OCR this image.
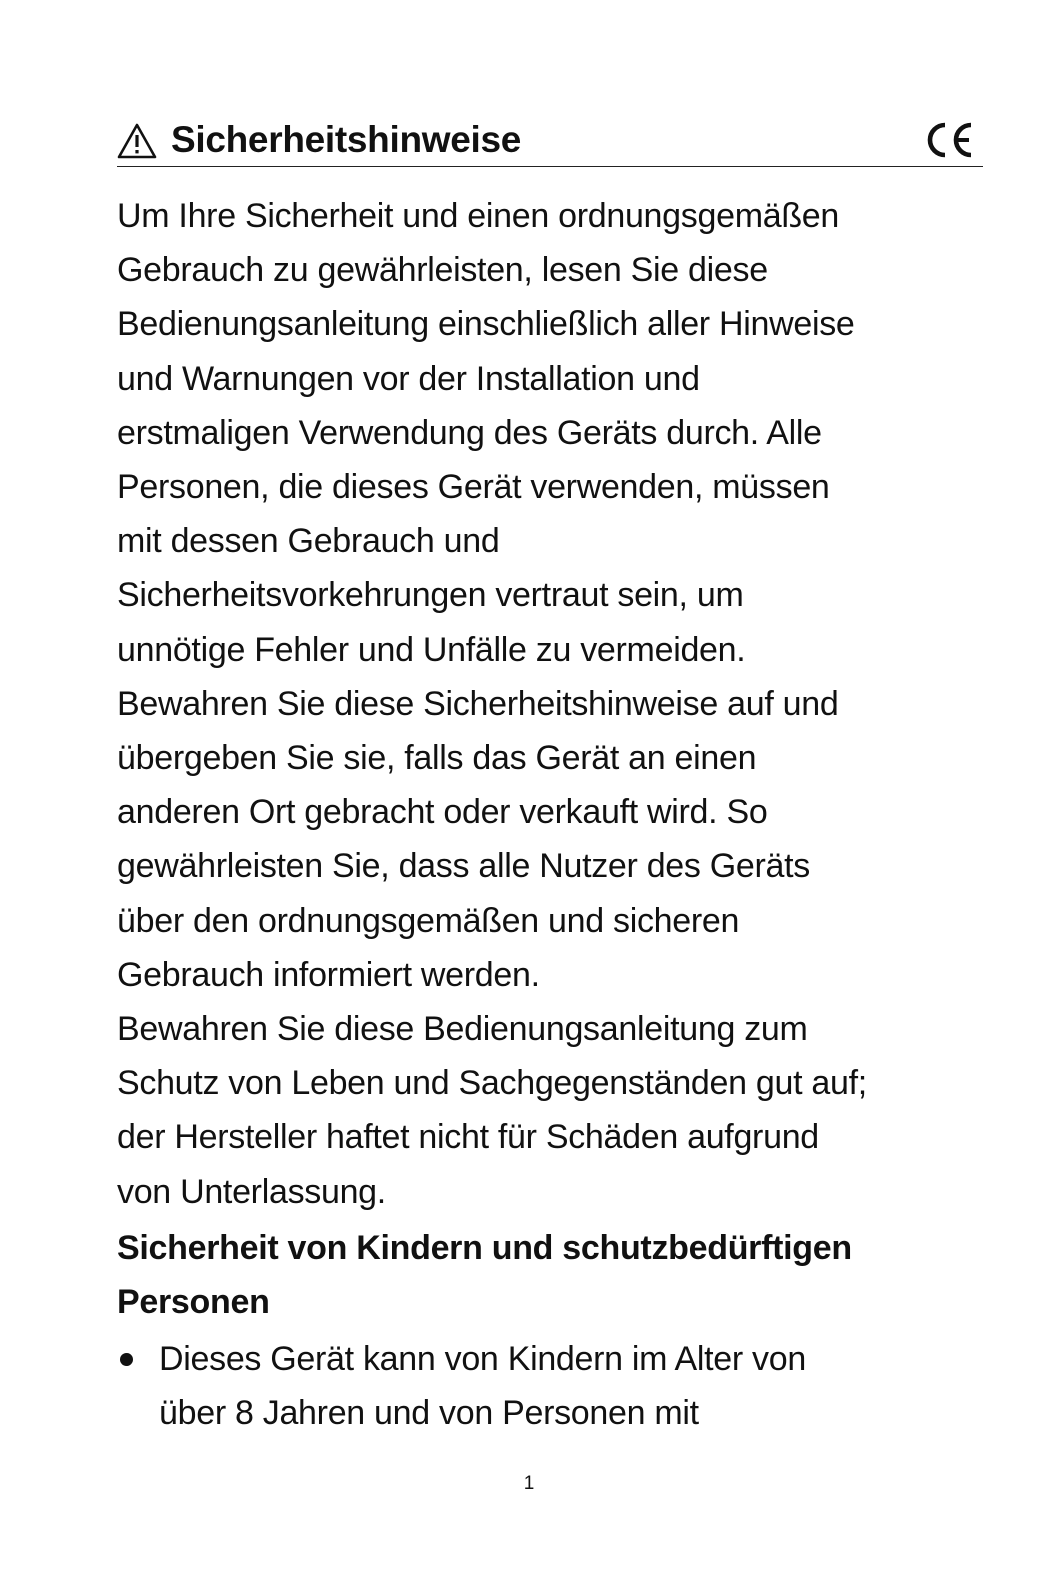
Sicherheitshinweise

Um Ihre Sicherheit und einen ordnungsgemäßen
Gebrauch zu gewährleisten, lesen Sie diese
Bedienungsanleitung einschließlich aller Hinweise
und Warnungen vor der Installation und
erstmaligen Verwendung des Geräts durch. Alle
Personen, die dieses Gerät verwenden, müssen
mit dessen Gebrauch und
Sicherheitsvorkehrungen vertraut sein, um
unnötige Fehler und Unfälle zu vermeiden.
Bewahren Sie diese Sicherheitshinweise auf und
übergeben Sie sie, falls das Gerät an einen
anderen Ort gebracht oder verkauft wird. So
gewährleisten Sie, dass alle Nutzer des Geräts
über den ordnungsgemäßen und sicheren
Gebrauch informiert werden.

Bewahren Sie diese Bedienungsanleitung zum
Schutz von Leben und Sachgegenständen gut auf;
der Hersteller haftet nicht für Schäden aufgrund
von Unterlassung.

Sicherheit von Kindern und schutzbedürftigen
Personen
Dieses Gerät kann von Kindern im Alter von
über 8 Jahren und von Personen mit
1
